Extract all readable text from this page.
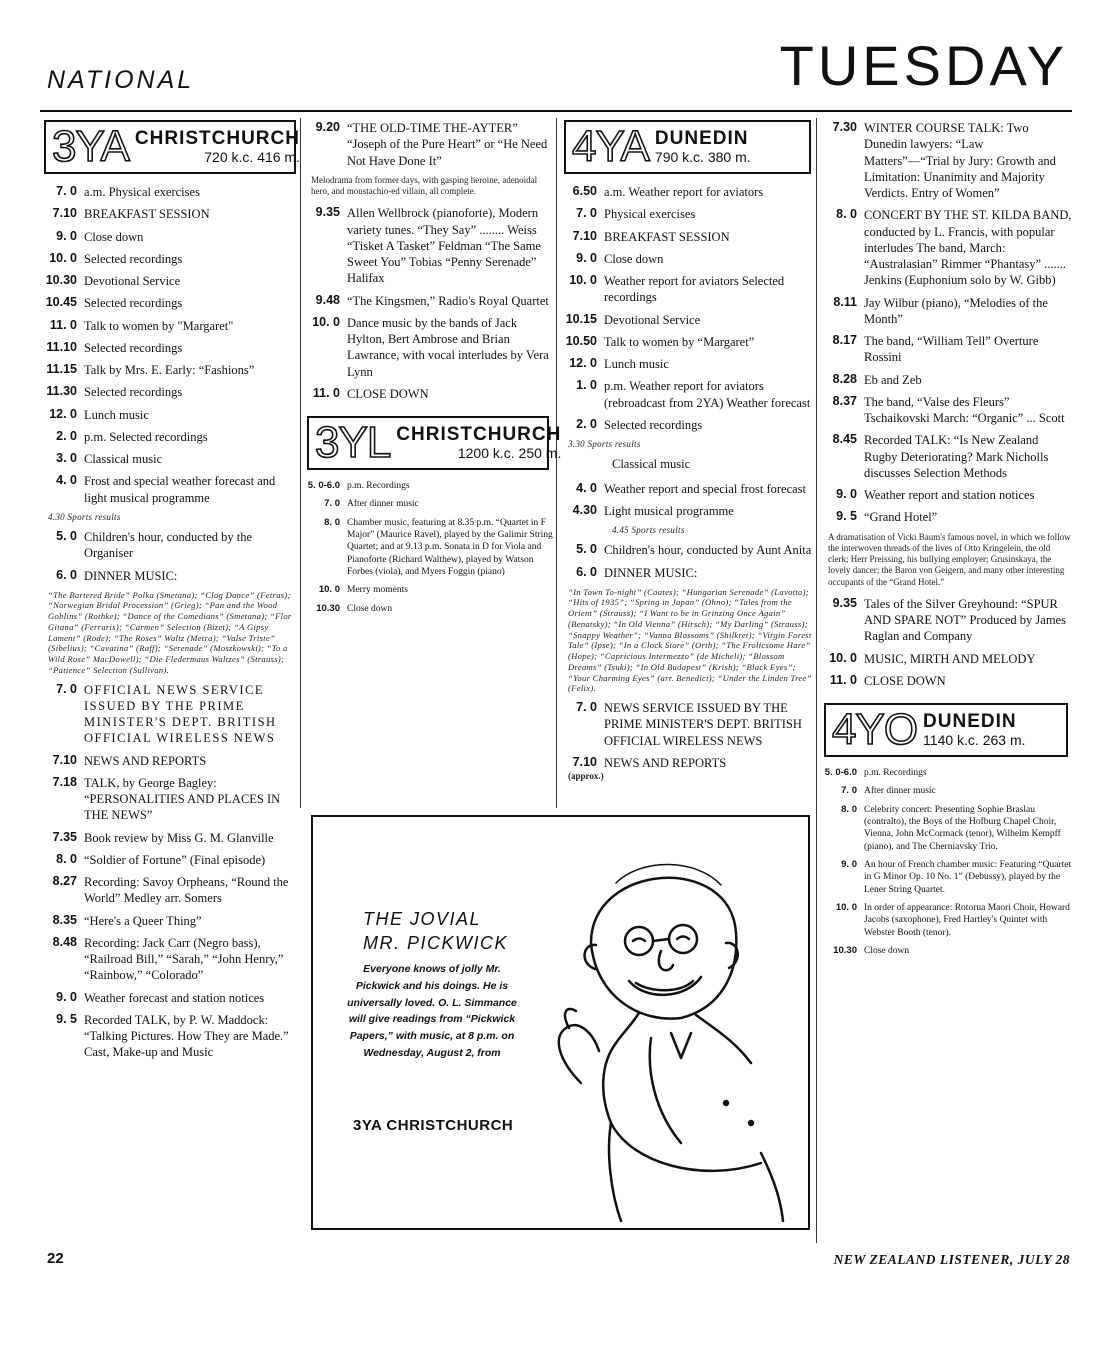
NATIONAL	TUESDAY
3YA CHRISTCHURCH
720 k.c. 416 m.
7. 0 a.m. Physical exercises
7.10 BREAKFAST SESSION
9. 0 Close down
10. 0 Selected recordings
10.30 Devotional Service
10.45 Selected recordings
11. 0 Talk to women by "Margaret"
11.10 Selected recordings
11.15 Talk by Mrs. E. Early: “Fashions”
11.30 Selected recordings
12. 0 Lunch music
2. 0 p.m. Selected recordings
3. 0 Classical music
4. 0 Frost and special weather forecast and light musical programme
4.30 Sports results
5. 0 Children's hour, conducted by the Organiser
6. 0 DINNER MUSIC:
“The Bartered Bride” Polka (Smetana); “Clog Dance” (Fetras); “Norwegian Bridal Procession” (Grieg); “Pan and the Wood Goblins” (Rothke); “Dance of the Comedians” (Smetana); “Flor Gitana” (Ferraris); “Carmen” Selection (Bizet); “A Gipsy Lament” (Rode); “The Roses” Waltz (Metra); “Valse Triste” (Sibelius); “Cavatina” (Raff); “Serenade” (Moszkowski); “To a Wild Rose” MacDowell); “Die Fledermaus Waltzes” (Strauss); “Patience” Selection (Sullivan).
7. 0 OFFICIAL NEWS SERVICE ISSUED BY THE PRIME MINISTER'S DEPT. BRITISH OFFICIAL WIRELESS NEWS
7.10 NEWS AND REPORTS
7.18 TALK, by George Bagley: “PERSONALITIES AND PLACES IN THE NEWS”
7.35 Book review by Miss G. M. Glanville
8. 0 “Soldier of Fortune” (Final episode)
8.27 Recording: Savoy Orpheans, “Round the World” Medley arr. Somers
8.35 “Here's a Queer Thing”
8.48 Recording: Jack Carr (Negro bass), “Railroad Bill,” “Sarah,” “John Henry,” “Rainbow,” “Colorado”
9. 0 Weather forecast and station notices
9. 5 Recorded TALK, by P. W. Maddock: “Talking Pictures. How They are Made.” Cast, Make-up and Music
9.20 “THE OLD-TIME THE-AYTER” “Joseph of the Pure Heart” or “He Need Not Have Done It”
Melodrama from former days, with gasping heroine, adenoidal hero, and moustachio-ed villain, all complete.
9.35 Allen Wellbrock (pianoforte), Modern variety tunes. “They Say” ........ Weiss “Tisket A Tasket” Feldman “The Same Sweet You” Tobias “Penny Serenade” Halifax
9.48 “The Kingsmen,” Radio's Royal Quartet
10. 0 Dance music by the bands of Jack Hylton, Bert Ambrose and Brian Lawrance, with vocal interludes by Vera Lynn
11. 0 CLOSE DOWN
3YL CHRISTCHURCH
1200 k.c. 250 m.
5. 0-6.0 p.m. Recordings
7. 0 After dinner music
8. 0 Chamber music, featuring at 8.35 p.m. “Quartet in F Major” (Maurice Ravel), played by the Galimir String Quartet; and at 9.13 p.m. Sonata in D for Viola and Pianoforte (Richard Walthew), played by Watson Forbes (viola), and Myers Foggin (piano)
10. 0 Merry moments
10.30 Close down
4YA DUNEDIN
790 k.c. 380 m.
6.50 a.m. Weather report for aviators
7. 0 Physical exercises
7.10 BREAKFAST SESSION
9. 0 Close down
10. 0 Weather report for aviators Selected recordings
10.15 Devotional Service
10.50 Talk to women by “Margaret”
12. 0 Lunch music
1. 0 p.m. Weather report for aviators (rebroadcast from 2YA) Weather forecast
2. 0 Selected recordings
3.30 Sports results
Classical music
4. 0 Weather report and special frost forecast
4.30 Light musical programme
4.45 Sports results
5. 0 Children's hour, conducted by Aunt Anita
6. 0 DINNER MUSIC:
“In Town To-night” (Coates); “Hungarian Serenade” (Lavotta); “Hits of 1935”; “Spring in Japan” (Ohno); “Tales from the Orient” (Strauss); “I Want to be in Grinzing Once Again” (Benatsky); “In Old Vienna” (Hirsch); “My Darling” (Strauss); “Snappy Weather”; “Vanna Blossoms” (Shilkret); “Virgin Forest Tale” (Ipse); “In a Clock Store” (Orth); “The Frolicsome Hare” (Hope); “Capricious Intermezzo” (de Micheli); “Blossom Dreams” (Tsuki); “In Old Budapest” (Krish); “Black Eyes”; “Your Charming Eyes” (arr. Benedict); “Under the Linden Tree” (Felix).
7. 0 NEWS SERVICE ISSUED BY THE PRIME MINISTER'S DEPT. BRITISH OFFICIAL WIRELESS NEWS
7.10 NEWS AND REPORTS
(approx.)
7.30 WINTER COURSE TALK: Two Dunedin lawyers: “Law Matters”—“Trial by Jury: Growth and Limitation: Unanimity and Majority Verdicts. Entry of Women”
8. 0 CONCERT BY THE ST. KILDA BAND, conducted by L. Francis, with popular interludes The band, March: “Australasian” Rimmer “Phantasy” ....... Jenkins (Euphonium solo by W. Gibb)
8.11 Jay Wilbur (piano), “Melodies of the Month”
8.17 The band, “William Tell” Overture Rossini
8.28 Eb and Zeb
8.37 The band, “Valse des Fleurs” Tschaikovski March: “Organic” ... Scott
8.45 Recorded TALK: “Is New Zealand Rugby Deteriorating? Mark Nicholls discusses Selection Methods
9. 0 Weather report and station notices
9. 5 “Grand Hotel”
A dramatisation of Vicki Baum's famous novel, in which we follow the interwoven threads of the lives of Otto Kringelein, the old clerk; Herr Preissing, his bullying employer; Grusinskaya, the lovely dancer; the Baron von Geigern, and many other interesting occupants of the “Grand Hotel.”
9.35 Tales of the Silver Greyhound: “SPUR AND SPARE NOT” Produced by James Raglan and Company
10. 0 MUSIC, MIRTH AND MELODY
11. 0 CLOSE DOWN
4YO DUNEDIN
1140 k.c. 263 m.
5. 0-6.0 p.m. Recordings
7. 0 After dinner music
8. 0 Celebrity concert: Presenting Sophie Braslau (contralto), the Boys of the Hofburg Chapel Choir, Vienna, John McCormack (tenor), Wilhelm Kempff (piano), and The Cherniavsky Trio.
9. 0 An hour of French chamber music: Featuring “Quartet in G Minor Op. 10 No. 1” (Debussy), played by the Lener String Quartet.
10. 0 In order of appearance: Rotorua Maori Choir, Howard Jacobs (saxophone), Fred Hartley's Quintet with Webster Booth (tenor).
10.30 Close down
THE JOVIAL
MR. PICKWICK
Everyone knows of jolly Mr. Pickwick and his doings. He is universally loved. O. L. Simmance will give readings from “Pickwick Papers,” with music, at 8 p.m. on Wednesday, August 2, from
3YA CHRISTCHURCH
22	NEW ZEALAND LISTENER, JULY 28
